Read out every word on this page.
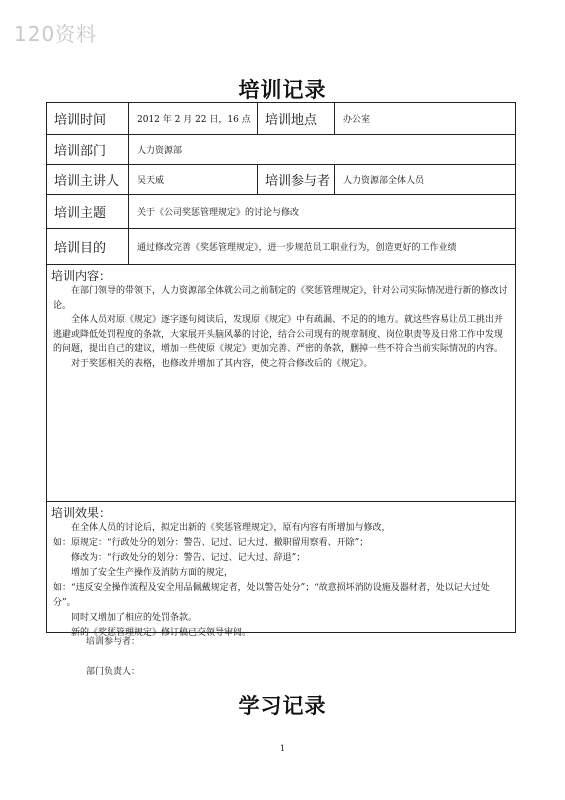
120资料
培训记录
培训时间	2012 年 2 月 22 日，16 点	培训地点	办公室
培训部门	人力资源部
培训主讲人	吴天威	培训参与者	人力资源部全体人员
培训主题	关于《公司奖惩管理规定》的讨论与修改
培训目的	通过修改完善《奖惩管理规定》，进一步规范员工职业行为，创造更好的工作业绩
培训内容：

在部门领导的带领下，人力资源部全体就公司之前制定的《奖惩管理规定》，针对公司实际情况进行新的修改讨论。

全体人员对原《规定》逐字逐句阅读后，发现原《规定》中有疏漏、不足的的地方。就这些容易让员工挑出并逃避或降低处罚程度的条款，大家展开头脑风暴的讨论，结合公司现有的规章制度、岗位职责等及日常工作中发现的问题，提出自己的建议，增加一些使原《规定》更加完善、严密的条款，删掉一些不符合当前实际情况的内容。

对于奖惩相关的表格，也修改并增加了其内容，使之符合修改后的《规定》。

培训效果：

在全体人员的讨论后，拟定出新的《奖惩管理规定》，原有内容有所增加与修改，

如：原规定：“行政处分的划分：警告、记过、记大过、撤职留用察看、开除”；

修改为：“行政处分的划分：警告、记过、记大过、辞退”；

增加了安全生产操作及消防方面的规定，

如：“违反安全操作流程及安全用品佩戴规定者，处以警告处分”；“故意损坏消防设施及器材者，处以记大过处分”。

同时又增加了相应的处罚条款。

新的《奖惩管理规定》修订稿已交领导审阅。

培训参与者：
部门负责人：
学习记录
1
